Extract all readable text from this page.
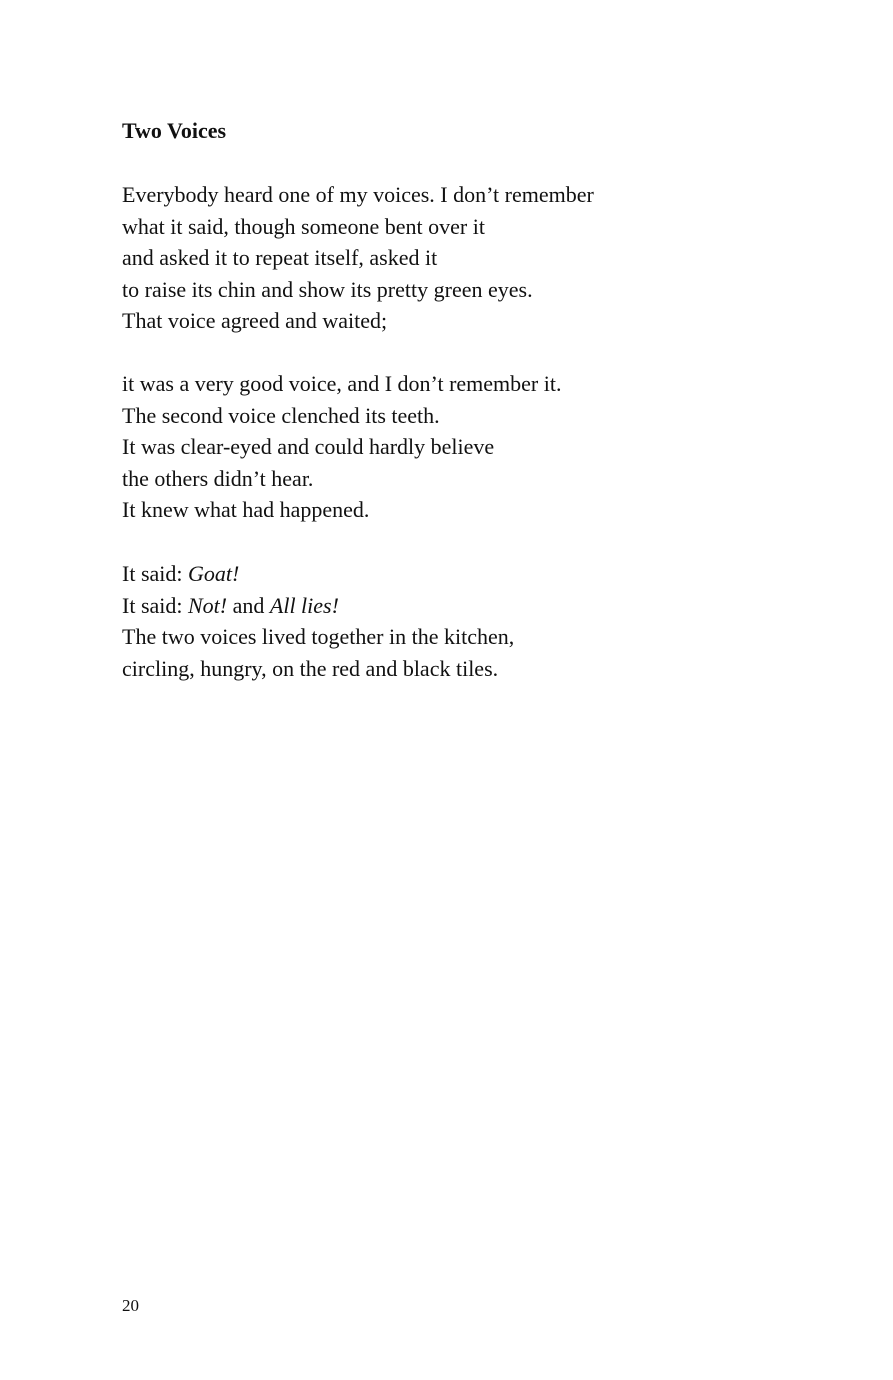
Two Voices
Everybody heard one of my voices. I don’t remember
what it said, though someone bent over it
and asked it to repeat itself, asked it
to raise its chin and show its pretty green eyes.
That voice agreed and waited;
it was a very good voice, and I don’t remember it.
The second voice clenched its teeth.
It was clear-eyed and could hardly believe
the others didn’t hear.
It knew what had happened.
It said: Goat!
It said: Not! and All lies!
The two voices lived together in the kitchen,
circling, hungry, on the red and black tiles.
20
